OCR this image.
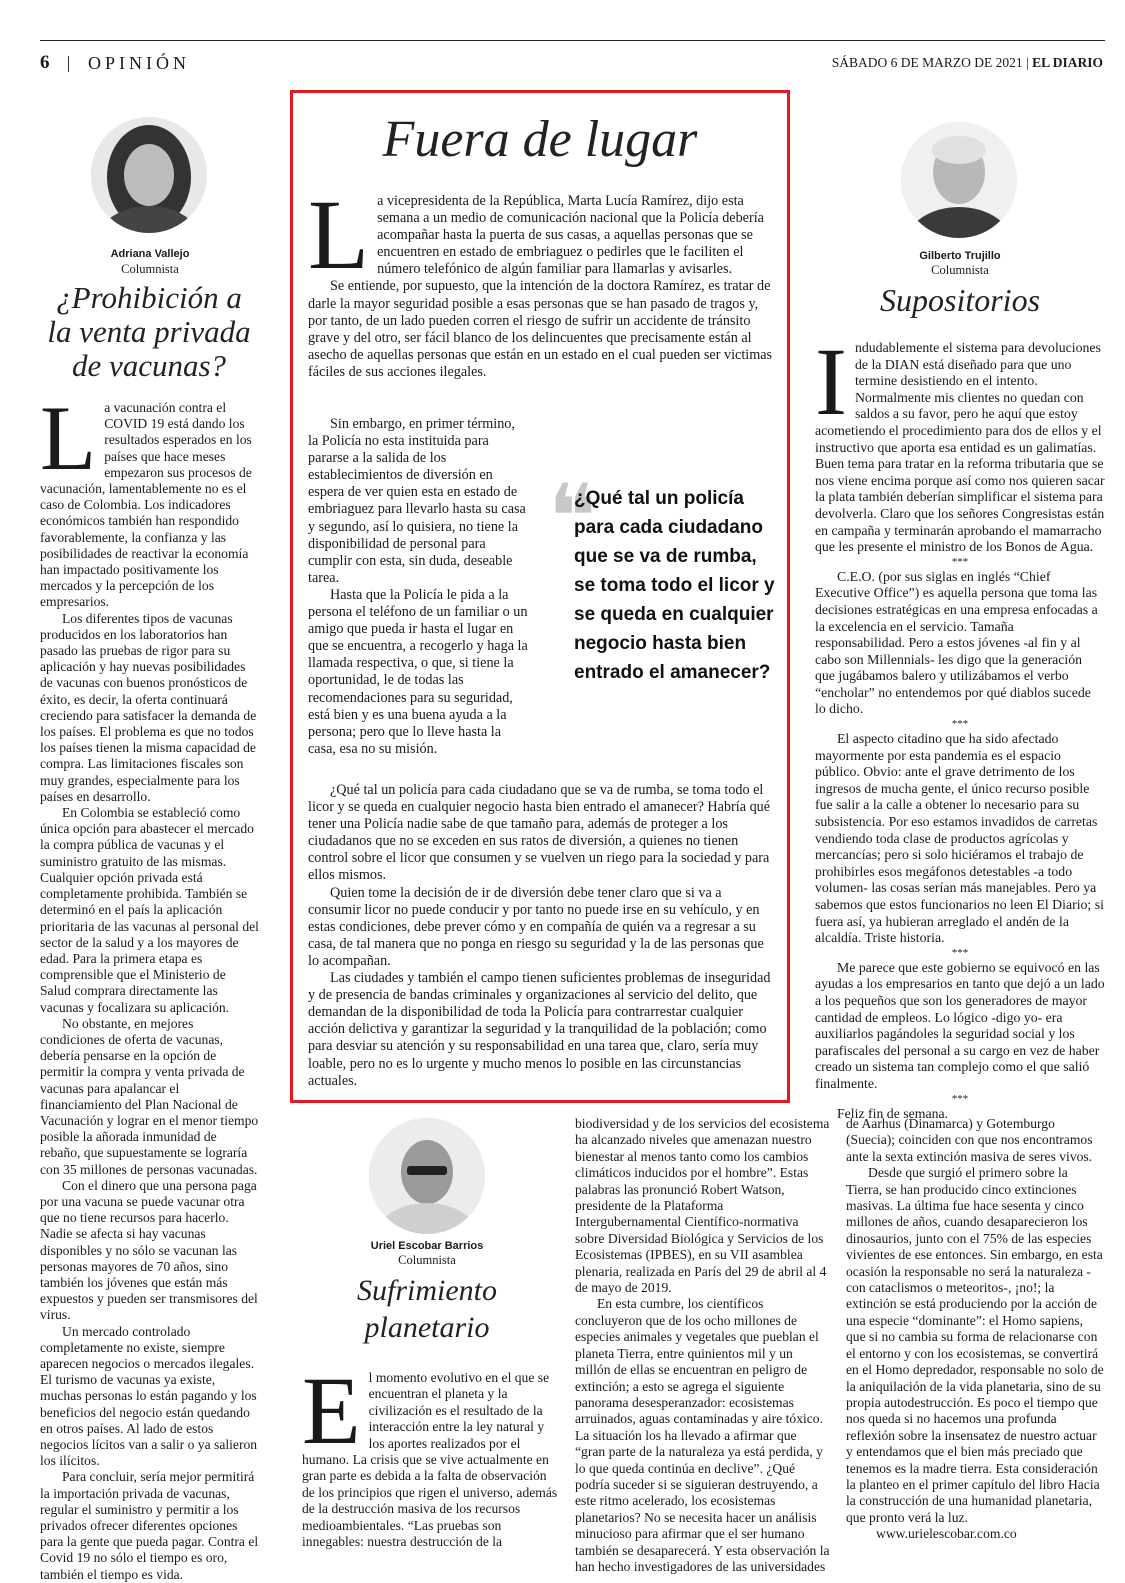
6 OPINIÓN	SÁBADO 6 DE MARZO DE 2021 | EL DIARIO
Adriana Vallejo
Columnista
¿Prohibición a la venta privada de vacunas?
L a vacunación contra el COVID 19 está dando los resultados esperados en los países que hace meses empezaron sus procesos de vacunación, lamentablemente no es el caso de Colombia. Los indicadores económicos también han respondido favorablemente, la confianza y las posibilidades de reactivar la economía han impactado positivamente los mercados y la percepción de los empresarios.

Los diferentes tipos de vacunas producidos en los laboratorios han pasado las pruebas de rigor para su aplicación y hay nuevas posibilidades de vacunas con buenos pronósticos de éxito, es decir, la oferta continuará creciendo para satisfacer la demanda de los países. El problema es que no todos los países tienen la misma capacidad de compra. Las limitaciones fiscales son muy grandes, especialmente para los países en desarrollo.

En Colombia se estableció como única opción para abastecer el mercado la compra pública de vacunas y el suministro gratuito de las mismas. Cualquier opción privada está completamente prohibida. También se determinó en el país la aplicación prioritaria de las vacunas al personal del sector de la salud y a los mayores de edad. Para la primera etapa es comprensible que el Ministerio de Salud comprara directamente las vacunas y focalizara su aplicación.

No obstante, en mejores condiciones de oferta de vacunas, debería pensarse en la opción de permitir la compra y venta privada de vacunas para apalancar el financiamiento del Plan Nacional de Vacunación y lograr en el menor tiempo posible la añorada inmunidad de rebaño, que supuestamente se lograría con 35 millones de personas vacunadas.

Con el dinero que una persona paga por una vacuna se puede vacunar otra que no tiene recursos para hacerlo. Nadie se afecta si hay vacunas disponibles y no sólo se vacunan las personas mayores de 70 años, sino también los jóvenes que están más expuestos y pueden ser transmisores del virus.

Un mercado controlado completamente no existe, siempre aparecen negocios o mercados ilegales. El turismo de vacunas ya existe, muchas personas lo están pagando y los beneficios del negocio están quedando en otros países. Al lado de estos negocios lícitos van a salir o ya salieron los ilícitos.

Para concluir, sería mejor permitirá la importación privada de vacunas, regular el suministro y permitir a los privados ofrecer diferentes opciones para la gente que pueda pagar. Contra el Covid 19 no sólo el tiempo es oro, también el tiempo es vida.

Fuera de lugar
L a vicepresidenta de la República, Marta Lucía Ramírez, dijo esta semana a un medio de comunicación nacional que la Policía debería acompañar hasta la puerta de sus casas, a aquellas personas que se encuentren en estado de embriaguez o pedirles que le faciliten el número telefónico de algún familiar para llamarlas y avisarles.

Se entiende, por supuesto, que la intención de la doctora Ramírez, es tratar de darle la mayor seguridad posible a esas personas que se han pasado de tragos y, por tanto, de un lado pueden corren el riesgo de sufrir un accidente de tránsito grave y del otro, ser fácil blanco de los delincuentes que precisamente están al asecho de aquellas personas que están en un estado en el cual pueden ser victimas fáciles de sus acciones ilegales.

Sin embargo, en primer término, la Policía no esta instituida para pararse a la salida de los establecimientos de diversión en espera de ver quien esta en estado de embriaguez para llevarlo hasta su casa y segundo, así lo quisiera, no tiene la disponibilidad de personal para cumplir con esta, sin duda, deseable tarea.

Hasta que la Policía le pida a la persona el teléfono de un familiar o un amigo que pueda ir hasta el lugar en que se encuentra, a recogerlo y haga la llamada respectiva, o que, si tiene la oportunidad, le de todas las recomendaciones para su seguridad, está bien y es una buena ayuda a la persona; pero que lo lleve hasta la casa, esa no su misión.

❝
¿Qué tal un policía para cada ciudadano que se va de rumba, se toma todo el licor y se queda en cualquier negocio hasta bien entrado el amanecer?

¿Qué tal un policía para cada ciudadano que se va de rumba, se toma todo el licor y se queda en cualquier negocio hasta bien entrado el amanecer? Habría qué tener una Policía nadie sabe de que tamaño para, además de proteger a los ciudadanos que no se exceden en sus ratos de diversión, a quienes no tienen control sobre el licor que consumen y se vuelven un riego para la sociedad y para ellos mismos.

Quien tome la decisión de ir de diversión debe tener claro que si va a consumir licor no puede conducir y por tanto no puede irse en su vehículo, y en estas condiciones, debe prever cómo y en compañía de quién va a regresar a su casa, de tal manera que no ponga en riesgo su seguridad y la de las personas que lo acompañan.

Las ciudades y también el campo tienen suficientes problemas de inseguridad y de presencia de bandas criminales y organizaciones al servicio del delito, que demandan de la disponibilidad de toda la Policía para contrarrestar cualquier acción delictiva y garantizar la seguridad y la tranquilidad de la población; como para desviar su atención y su responsabilidad en una tarea que, claro, sería muy loable, pero no es lo urgente y mucho menos lo posible en las circunstancias actuales.

Gilberto Trujillo
Columnista
Supositorios
I ndudablemente el sistema para devoluciones de la DIAN está diseñado para que uno termine desistiendo en el intento. Normalmente mis clientes no quedan con saldos a su favor, pero he aquí que estoy acometiendo el procedimiento para dos de ellos y el instructivo que aporta esa entidad es un galimatías. Buen tema para tratar en la reforma tributaria que se nos viene encima porque así como nos quieren sacar la plata también deberían simplificar el sistema para devolverla. Claro que los señores Congresistas están en campaña y terminarán aprobando el mamarracho que les presente el ministro de los Bonos de Agua.

***

C.E.O. (por sus siglas en inglés “Chief Executive Office”) es aquella persona que toma las decisiones estratégicas en una empresa enfocadas a la excelencia en el servicio. Tamaña responsabilidad. Pero a estos jóvenes -al fin y al cabo son Millennials- les digo que la generación que jugábamos balero y utilizábamos el verbo “encholar” no entendemos por qué diablos sucede lo dicho.

***

El aspecto citadino que ha sido afectado mayormente por esta pandemia es el espacio público. Obvio: ante el grave detrimento de los ingresos de mucha gente, el único recurso posible fue salir a la calle a obtener lo necesario para su subsistencia. Por eso estamos invadidos de carretas vendiendo toda clase de productos agrícolas y mercancías; pero si solo hiciéramos el trabajo de prohibirles esos megáfonos detestables -a todo volumen- las cosas serían más manejables. Pero ya sabemos que estos funcionarios no leen El Diario; si fuera así, ya hubieran arreglado el andén de la alcaldía. Triste historia.

***

Me parece que este gobierno se equivocó en las ayudas a los empresarios en tanto que dejó a un lado a los pequeños que son los generadores de mayor cantidad de empleos. Lo lógico -digo yo- era auxiliarlos pagándoles la seguridad social y los parafiscales del personal a su cargo en vez de haber creado un sistema tan complejo como el que salió finalmente.

***

Feliz fin de semana.

Uriel Escobar Barrios
Columnista
Sufrimiento planetario
E l momento evolutivo en el que se encuentran el planeta y la civilización es el resultado de la interacción entre la ley natural y los aportes realizados por el humano. La crisis que se vive actualmente en gran parte es debida a la falta de observación de los principios que rigen el universo, además de la destrucción masiva de los recursos medioambientales. “Las pruebas son innegables: nuestra destrucción de la

biodiversidad y de los servicios del ecosistema ha alcanzado niveles que amenazan nuestro bienestar al menos tanto como los cambios climáticos inducidos por el hombre”. Estas palabras las pronunció Robert Watson, presidente de la Plataforma Intergubernamental Científico-normativa sobre Diversidad Biológica y Servicios de los Ecosistemas (IPBES), en su VII asamblea plenaria, realizada en París del 29 de abril al 4 de mayo de 2019.

En esta cumbre, los científicos concluyeron que de los ocho millones de especies animales y vegetales que pueblan el planeta Tierra, entre quinientos mil y un millón de ellas se encuentran en peligro de extinción; a esto se agrega el siguiente panorama desesperanzador: ecosistemas arruinados, aguas contaminadas y aire tóxico. La situación los ha llevado a afirmar que “gran parte de la naturaleza ya está perdida, y lo que queda continúa en declive”. ¿Qué podría suceder si se siguieran destruyendo, a este ritmo acelerado, los ecosistemas planetarios? No se necesita hacer un análisis minucioso para afirmar que el ser humano también se desaparecerá. Y esta observación la han hecho investigadores de las universidades

de Aarhus (Dinamarca) y Gotemburgo (Suecia); coinciden con que nos encontramos ante la sexta extinción masiva de seres vivos.

Desde que surgió el primero sobre la Tierra, se han producido cinco extinciones masivas. La última fue hace sesenta y cinco millones de años, cuando desaparecieron los dinosaurios, junto con el 75% de las especies vivientes de ese entonces. Sin embargo, en esta ocasión la responsable no será la naturaleza -con cataclismos o meteoritos-, ¡no!; la extinción se está produciendo por la acción de una especie “dominante”: el Homo sapiens, que si no cambia su forma de relacionarse con el entorno y con los ecosistemas, se convertirá en el Homo depredador, responsable no solo de la aniquilación de la vida planetaria, sino de su propia autodestrucción. Es poco el tiempo que nos queda si no hacemos una profunda reflexión sobre la insensatez de nuestro actuar y entendamos que el bien más preciado que tenemos es la madre tierra. Esta consideración la planteo en el primer capítulo del libro Hacia la construcción de una humanidad planetaria, que pronto verá la luz.

www.urielescobar.com.co
